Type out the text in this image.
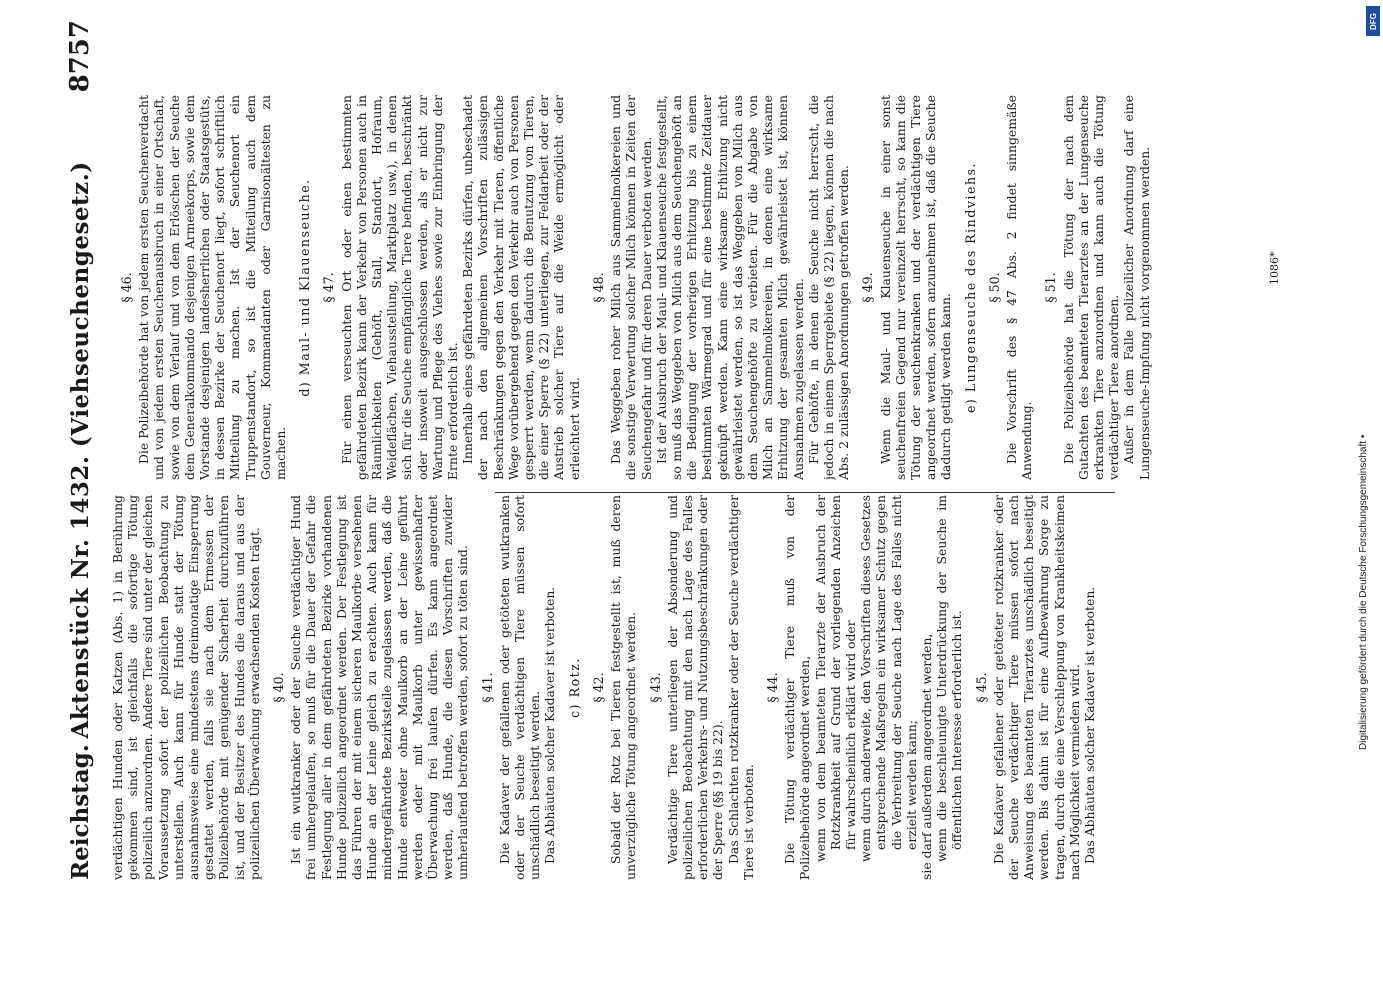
Reichstag.
Aktenstück Nr. 1432. (Viehseuchengesetz.)
8757

verdächtigen Hunden oder Katzen (Abs. 1) in Berührung gekommen sind, ist gleichfalls die sofortige Tötung polizeilich anzuordnen. Andere Tiere sind unter der gleichen Voraussetzung sofort der polizeilichen Beobachtung zu unterstellen. Auch kann für Hunde statt der Tötung ausnahmsweise eine mindestens dreimonatige Einsperrung gestattet werden, falls sie nach dem Ermessen der Polizeibehörde mit genügender Sicherheit durchzuführen ist, und der Besitzer des Hundes die daraus und aus der polizeilichen Überwachung erwachsenden Kosten trägt. § 40. Ist ein wutkranker oder der Seuche verdächtiger Hund frei umhergelaufen, so muß für die Dauer der Gefahr die Festlegung aller in dem gefährdeten Bezirke vorhandenen Hunde polizeilich angeordnet werden. Der Festlegung ist das Führen der mit einem sicheren Maulkorbe versehenen Hunde an der Leine gleich zu erachten. Auch kann für mindergefährdete Bezirksteile zugelassen werden, daß die Hunde entweder ohne Maulkorb an der Leine geführt werden oder mit Maulkorb unter gewissenhafter Überwachung frei laufen dürfen. Es kann angeordnet werden, daß Hunde, die diesen Vorschriften zuwider umherlaufend betroffen werden, sofort zu töten sind. § 41. Die Kadaver der gefallenen oder getöteten wutkranken oder der Seuche verdächtigen Tiere müssen sofort unschädlich beseitigt werden. Das Abhäuten solcher Kadaver ist verboten. c) Rotz. § 42. Sobald der Rotz bei Tieren festgestellt ist, muß deren unverzügliche Tötung angeordnet werden. § 43. Verdächtige Tiere unterliegen der Absonderung und polizeilichen Beobachtung mit den nach Lage des Falles erforderlichen Verkehrs- und Nutzungsbeschränkungen oder der Sperre (§§ 19 bis 22). Das Schlachten rotzkranker oder der Seuche verdächtiger Tiere ist verboten.

§ 44. Die Tötung verdächtiger Tiere muß von der Polizeibehörde angeordnet werden, wenn von dem beamteten Tierarzte der Ausbruch der Rotzkrankheit auf Grund der vorliegenden Anzeichen für wahrscheinlich erklärt wird oder wenn durch anderweite, den Vorschriften dieses Gesetzes entsprechende Maßregeln ein wirksamer Schutz gegen die Verbreitung der Seuche nach Lage des Falles nicht erzielt werden kann; sie darf außerdem angeordnet werden, wenn die beschleunigte Unterdrückung der Seuche im öffentlichen Interesse erforderlich ist. § 45. Die Kadaver gefallener oder getöteter rotzkranker oder der Seuche verdächtiger Tiere müssen sofort nach Anweisung des beamteten Tierarztes unschädlich beseitigt werden. Bis dahin ist für eine Aufbewahrung Sorge zu tragen, durch die eine Verschleppung von Krankheitskeimen nach Möglichkeit vermieden wird. Das Abhäuten solcher Kadaver ist verboten.

§ 46. Die Polizeibehörde hat von jedem ersten Seuchenverdacht und von jedem ersten Seuchenausbruch in einer Ortschaft, sowie von dem Verlauf und von dem Erlöschen der Seuche dem Generalkommando desjenigen Armeekorps, sowie dem Vorstande desjenigen landesherrlichen oder Staatsgestüts, in dessen Bezirke der Seuchenort liegt, sofort schriftlich Mitteilung zu machen. Ist der Seuchenort ein Truppenstandort, so ist die Mitteilung auch dem Gouverneur, Kommandanten oder Garnisonältesten zu machen.

d) Maul- und Klauenseuche. § 47. Für einen verseuchten Ort oder einen bestimmten gefährdeten Bezirk kann der Verkehr von Personen auch in Räumlichkeiten (Gehöft, Stall, Standort, Hofraum, Weideflächen, Viehausstellung, Marktplatz usw.), in denen sich für die Seuche empfängliche Tiere befinden, beschränkt oder insoweit ausgeschlossen werden, als er nicht zur Wartung und Pflege des Viehes sowie zur Einbringung der Ernte erforderlich ist. Innerhalb eines gefährdeten Bezirks dürfen, unbeschadet der nach den allgemeinen Vorschriften zulässigen Beschränkungen gegen den Verkehr mit Tieren, öffentliche Wege vorübergehend gegen den Verkehr auch von Personen gesperrt werden, wenn dadurch die Benutzung von Tieren, die einer Sperre (§ 22) unterliegen, zur Feldarbeit oder der Austrieb solcher Tiere auf die Weide ermöglicht oder erleichtert wird.

§ 48. Das Weggeben roher Milch aus Sammelmolkereien und die sonstige Verwertung solcher Milch können in Zeiten der Seuchengefahr und für deren Dauer verboten werden. Ist der Ausbruch der Maul- und Klauenseuche festgestellt, so muß das Weggeben von Milch aus dem Seuchengehöft an die Bedingung der vorherigen Erhitzung bis zu einem bestimmten Wärmegrad und für eine bestimmte Zeitdauer geknüpft werden. Kann eine wirksame Erhitzung nicht gewährleistet werden, so ist das Weggeben von Milch aus dem Seuchengehöfte zu verbieten. Für die Abgabe von Milch an Sammelmolkereien, in denen eine wirksame Erhitzung der gesamten Milch gewährleistet ist, können Ausnahmen zugelassen werden. Für Gehöfte, in denen die Seuche nicht herrscht, die jedoch in einem Sperrgebiete (§ 22) liegen, können die nach Abs. 2 zulässigen Anordnungen getroffen werden. § 49. Wenn die Maul- und Klauenseuche in einer sonst seuchenfreien Gegend nur vereinzelt herrscht, so kann die Tötung der seuchenkranken und der verdächtigen Tiere angeordnet werden, sofern anzunehmen ist, daß die Seuche dadurch getilgt werden kann. e) Lungenseuche des Rindviehs. § 50. Die Vorschrift des § 47 Abs. 2 findet sinngemäße Anwendung.

§ 51. Die Polizeibehörde hat die Tötung der nach dem Gutachten des beamteten Tierarztes an der Lungenseuche erkrankten Tiere anzuordnen und kann auch die Tötung verdächtiger Tiere anordnen. Außer in dem Falle polizeilicher Anordnung darf eine Lungenseuche-Impfung nicht vorgenommen werden.	1086*
Digitalisierung gefördert durch die Deutsche Forschungsgemeinschaft •
DFG
